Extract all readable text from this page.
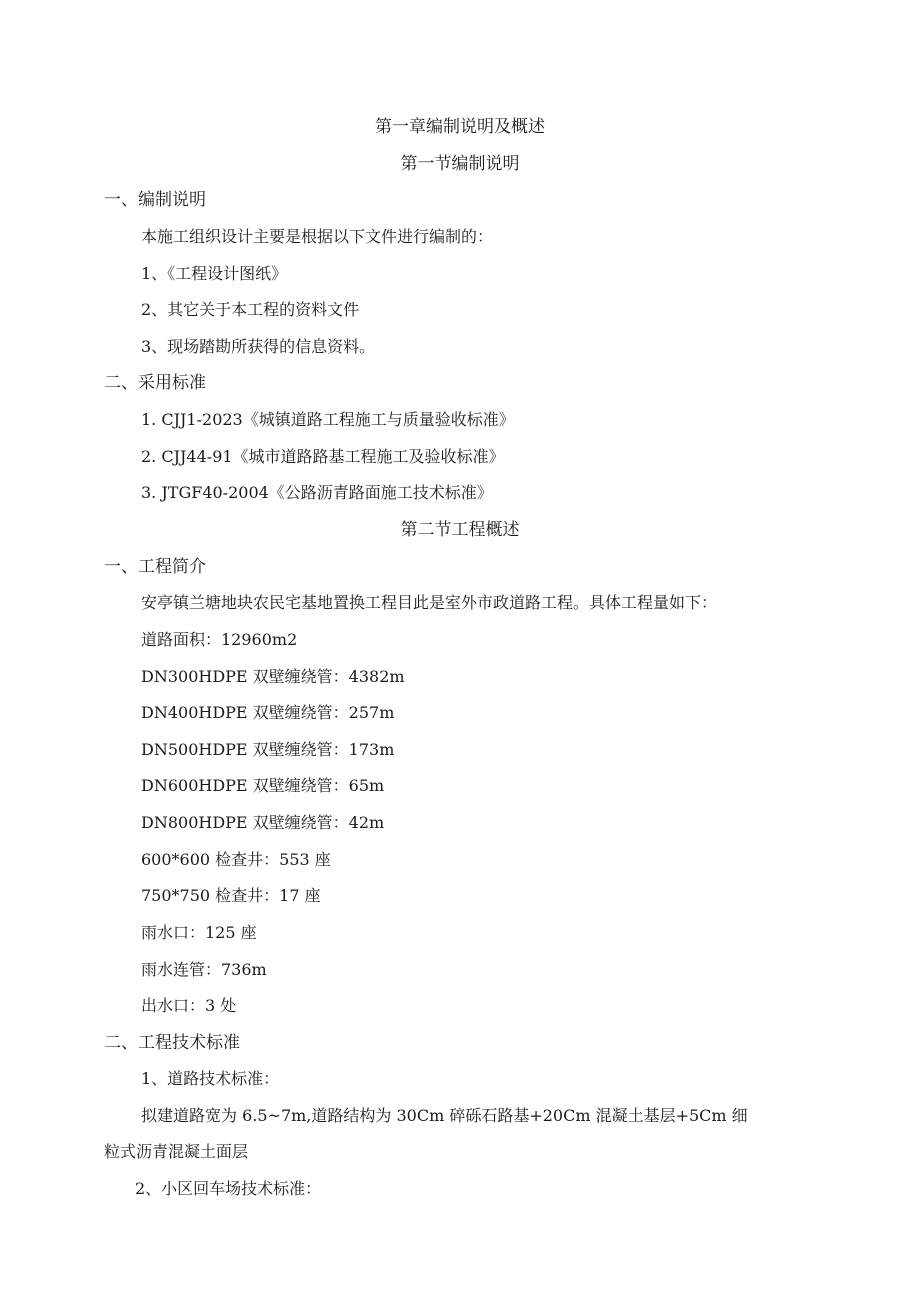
第一章编制说明及概述
第一节编制说明
一、编制说明
本施工组织设计主要是根据以下文件进行编制的：
1、《工程设计图纸》
2、其它关于本工程的资料文件
3、现场踏勘所获得的信息资料。
二、采用标准
1. CJJ1-2023《城镇道路工程施工与质量验收标准》
2. CJJ44-91《城市道路路基工程施工及验收标准》
3. JTGF40-2004《公路沥青路面施工技术标准》
第二节工程概述
一、工程简介
安亭镇兰塘地块农民宅基地置换工程目此是室外市政道路工程。具体工程量如下：
道路面积：12960m2
DN300HDPE 双壁缠绕管：4382m
DN400HDPE 双壁缠绕管：257m
DN500HDPE 双壁缠绕管：173m
DN600HDPE 双壁缠绕管：65m
DN800HDPE 双壁缠绕管：42m
600*600 检查井：553 座
750*750 检查井：17 座
雨水口：125 座
雨水连管：736m
出水口：3 处
二、工程技术标准
1、道路技术标准：
拟建道路宽为 6.5~7m,道路结构为 30Cm 碎砾石路基+20Cm 混凝土基层+5Cm 细
粒式沥青混凝土面层
2、小区回车场技术标准：
